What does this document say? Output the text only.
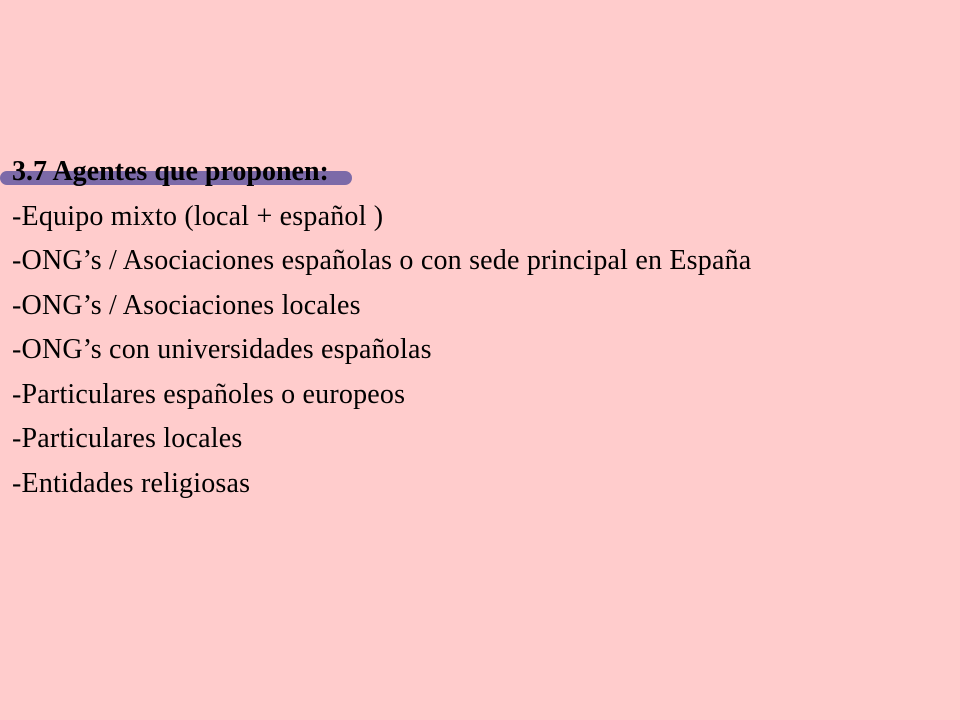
3.7 Agentes que proponen:

-Equipo mixto (local + español )
-ONG’s / Asociaciones españolas o con sede principal en España
-ONG’s / Asociaciones locales
-ONG’s con universidades españolas
-Particulares españoles o europeos
-Particulares locales
-Entidades religiosas
